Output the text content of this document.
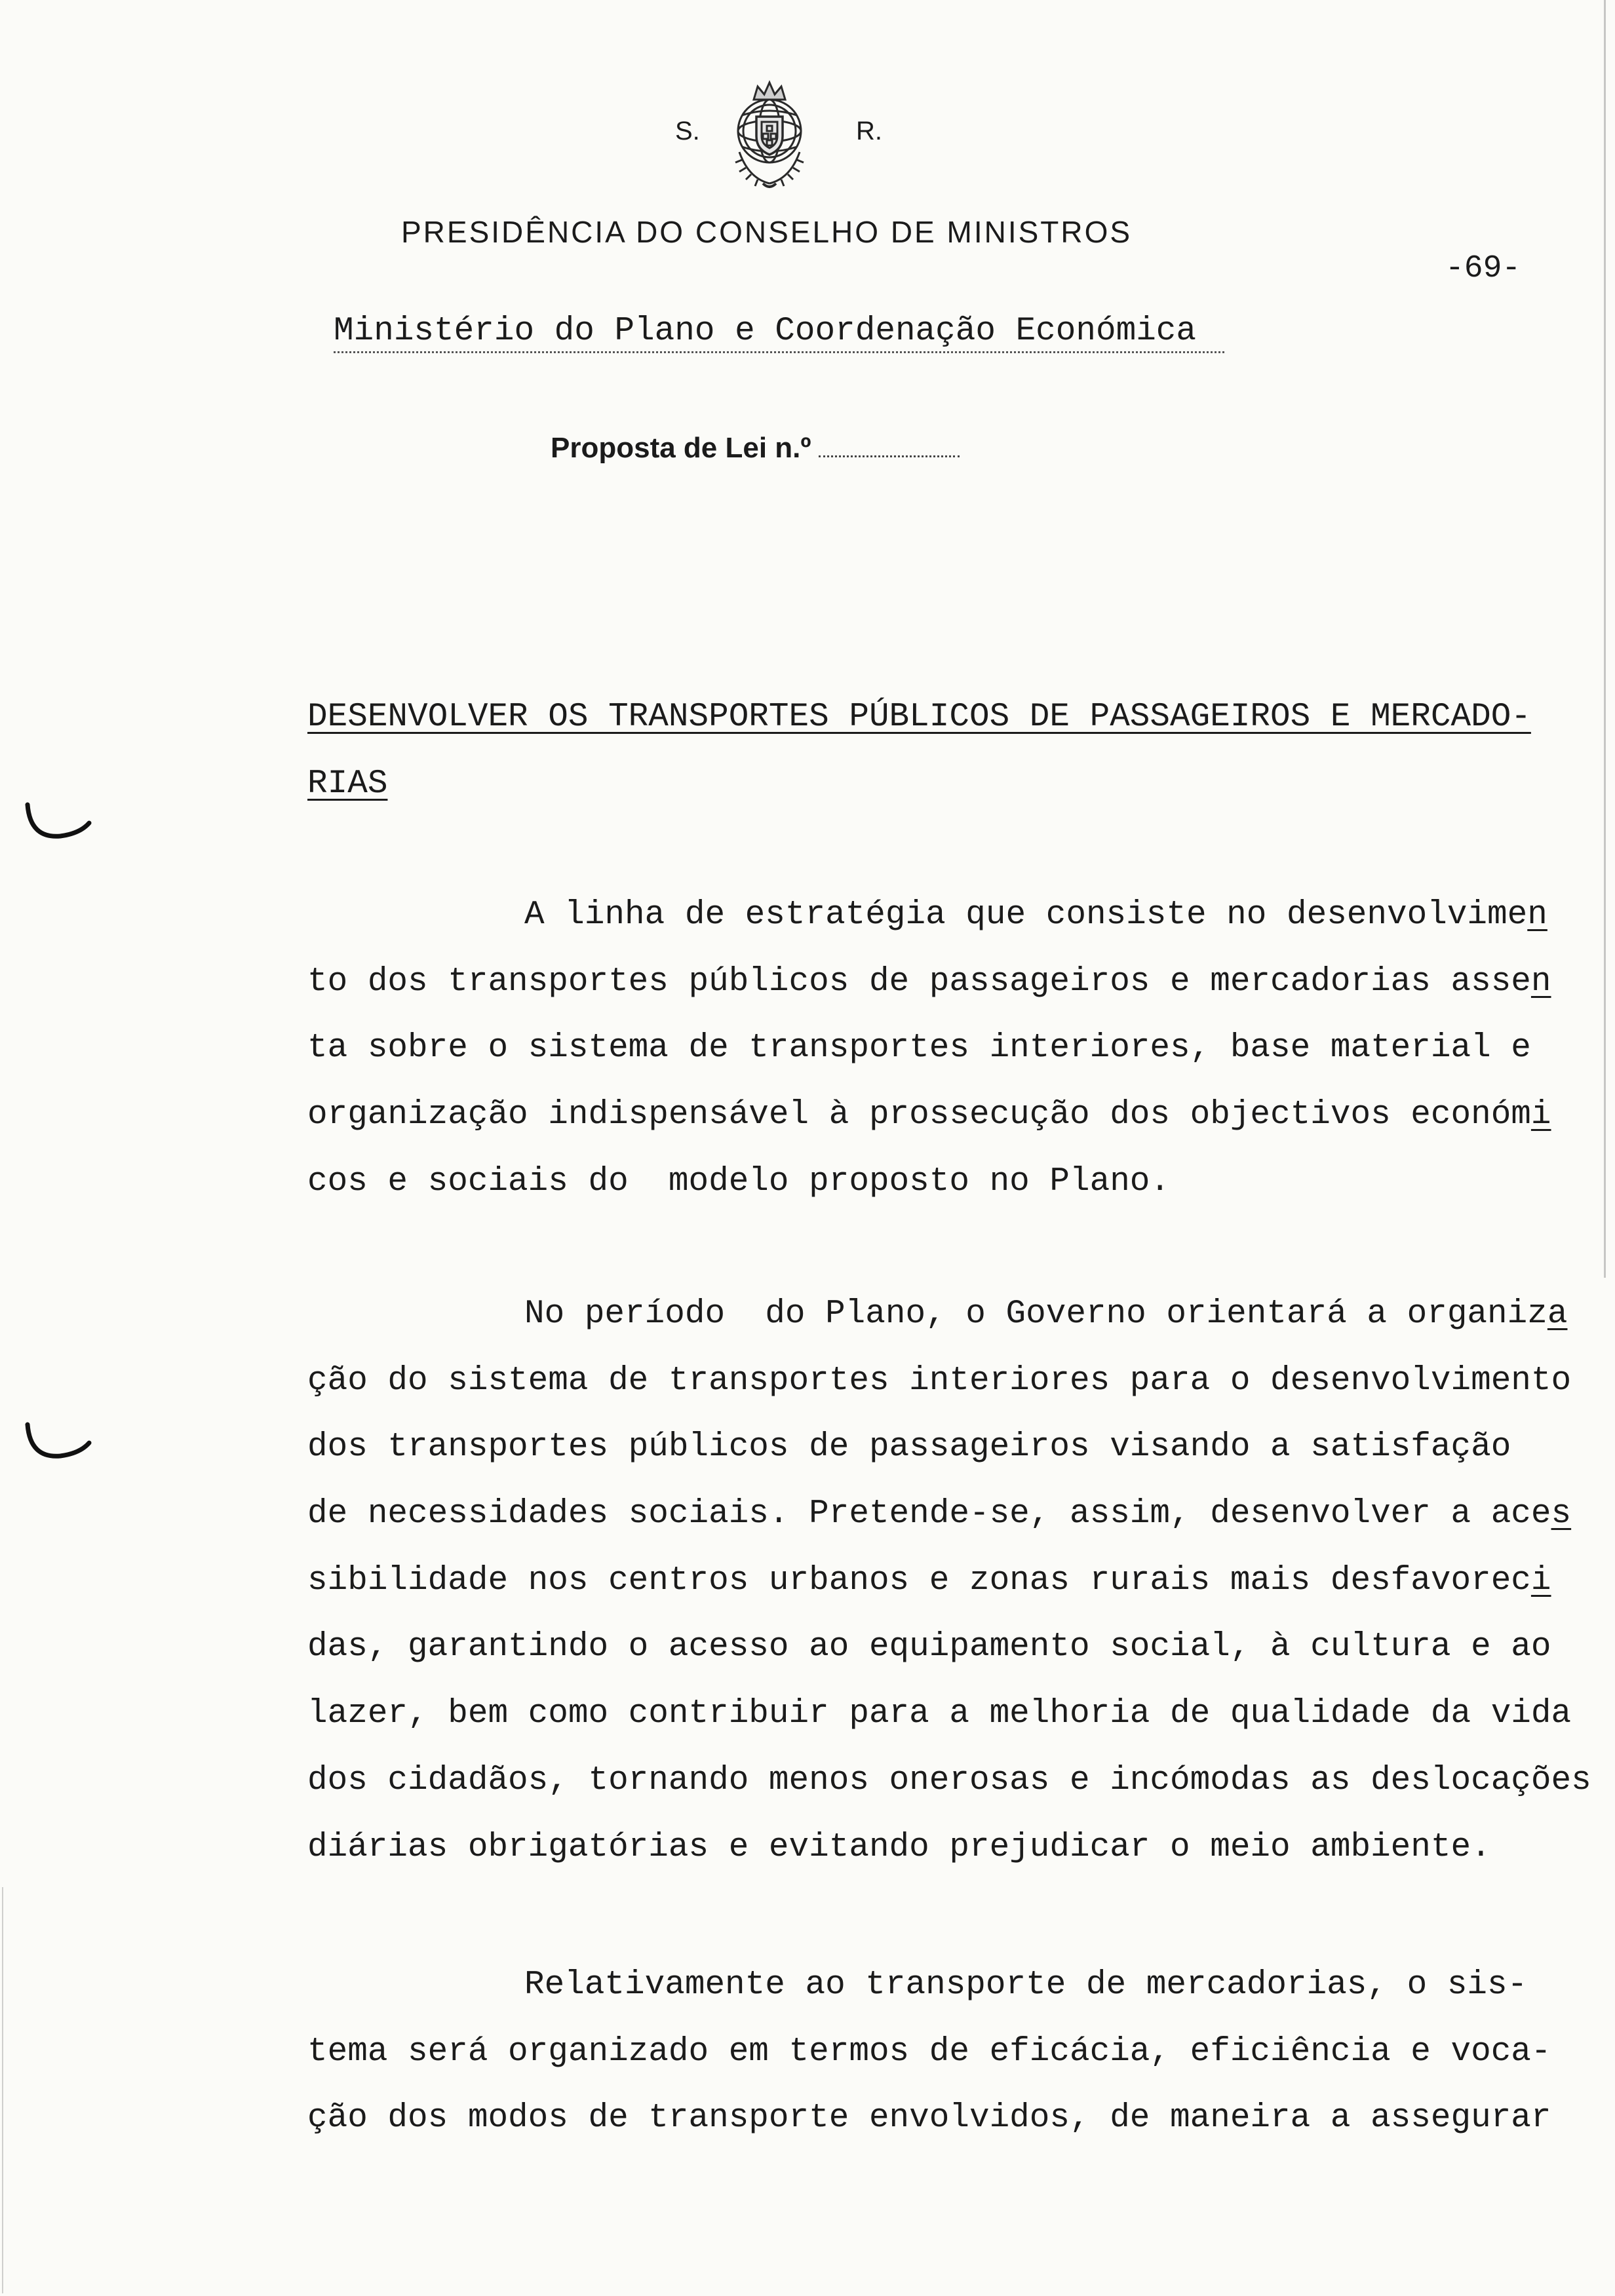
S.	R.
PRESIDÊNCIA DO CONSELHO DE MINISTROS
-69-
Ministério do Plano e Coordenação Económica
Proposta de Lei n.º
DESENVOLVER OS TRANSPORTES PÚBLICOS DE PASSAGEIROS E MERCADO-
RIAS
A linha de estratégia que consiste no desenvolvimen
to dos transportes públicos de passageiros e mercadorias assen
ta sobre o sistema de transportes interiores, base material e
organização indispensável à prossecução dos objectivos económi
cos e sociais do  modelo proposto no Plano.
No período  do Plano, o Governo orientará a organiza
ção do sistema de transportes interiores para o desenvolvimento
dos transportes públicos de passageiros visando a satisfação
de necessidades sociais. Pretende-se, assim, desenvolver a aces
sibilidade nos centros urbanos e zonas rurais mais desfavoreci
das, garantindo o acesso ao equipamento social, à cultura e ao
lazer, bem como contribuir para a melhoria de qualidade da vida
dos cidadãos, tornando menos onerosas e incómodas as deslocações
diárias obrigatórias e evitando prejudicar o meio ambiente.
Relativamente ao transporte de mercadorias, o sis-
tema será organizado em termos de eficácia, eficiência e voca-
ção dos modos de transporte envolvidos, de maneira a assegurar
